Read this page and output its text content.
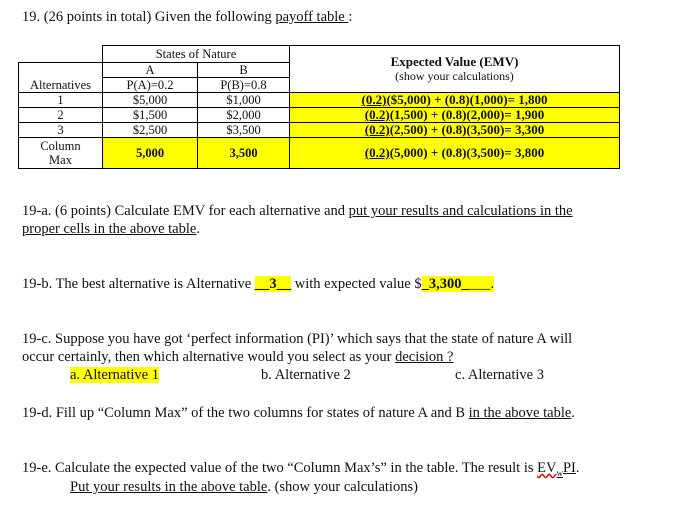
19. (26 points in total) Given the following payoff table :
	States of Nature		Expected Value (EMV)
(show your calculations)

	A	B	
Alternatives	P(A)=0.2	P(B)=0.8	
1	$5,000	$1,000	(0.2)($5,000) + (0.8)(1,000)= 1,800
2	$1,500	$2,000	(0.2)(1,500) + (0.8)(2,000)= 1,900
3	$2,500	$3,500	(0.2)(2,500) + (0.8)(3,500)= 3,300

Column
Max	5,000	3,500	(0.2)(5,000) + (0.8)(3,500)= 3,800
19-a. (6 points) Calculate EMV for each alternative and put your results and calculations in the
proper cells in the above table.
19-b. The best alternative is Alternative __3__ with expected value $_3,300____.
19-c. Suppose you have got ‘perfect information (PI)’ which says that the state of nature A will
occur certainly, then which alternative would you select as your decision ?
a. Alternative 1	b. Alternative 2	c. Alternative 3
19-d. Fill up “Column Max” of the two columns for states of nature A and B in the above table.
19-e. Calculate the expected value of the two “Column Max’s” in the table. The result is $EV_wPI$.
Put your results in the above table. (show your calculations)
